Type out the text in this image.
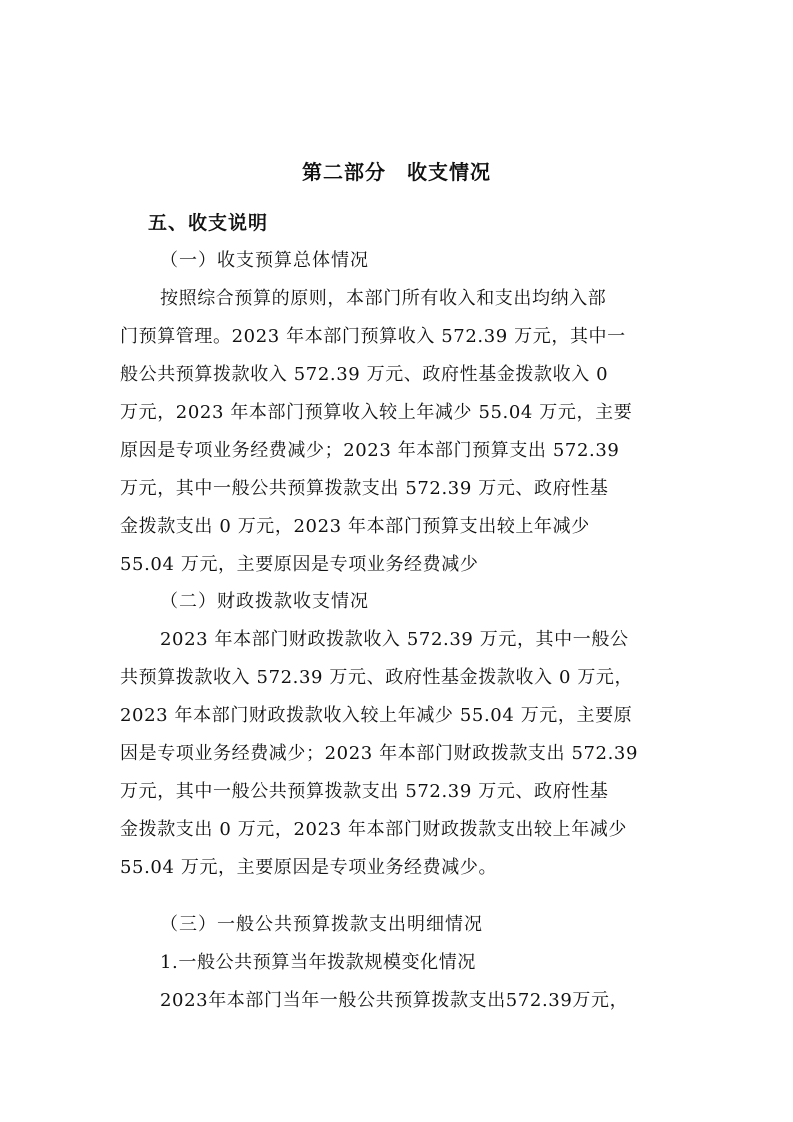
第二部分　收支情况
五、收支说明
（一）收支预算总体情况
按照综合预算的原则，本部门所有收入和支出均纳入部
门预算管理。2023 年本部门预算收入 572.39 万元，其中一
般公共预算拨款收入 572.39 万元、政府性基金拨款收入 0
万元，2023 年本部门预算收入较上年减少 55.04 万元，主要
原因是专项业务经费减少；2023 年本部门预算支出 572.39
万元，其中一般公共预算拨款支出 572.39 万元、政府性基
金拨款支出 0 万元，2023 年本部门预算支出较上年减少
55.04 万元，主要原因是专项业务经费减少
（二）财政拨款收支情况
2023 年本部门财政拨款收入 572.39 万元，其中一般公
共预算拨款收入 572.39 万元、政府性基金拨款收入 0 万元，
2023 年本部门财政拨款收入较上年减少 55.04 万元，主要原
因是专项业务经费减少；2023 年本部门财政拨款支出 572.39
万元，其中一般公共预算拨款支出 572.39 万元、政府性基
金拨款支出 0 万元，2023 年本部门财政拨款支出较上年减少
55.04 万元，主要原因是专项业务经费减少。
（三）一般公共预算拨款支出明细情况
1.一般公共预算当年拨款规模变化情况
2023年本部门当年一般公共预算拨款支出572.39万元，
